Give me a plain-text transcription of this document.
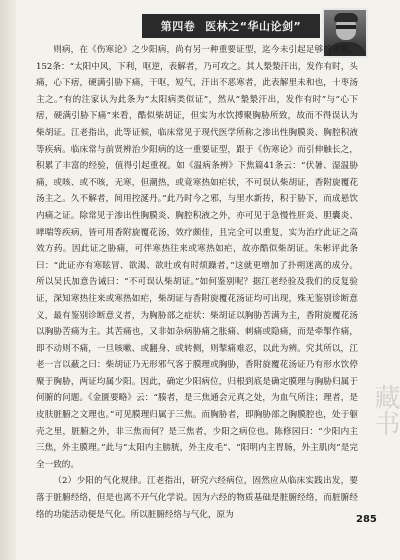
第四卷 医林之“华山论剑”

则病，在《伤寒论》之少阳病，尚有另一种重要证型，迄今未引起足够的重视。152条：“太阳中风，下利，呕逆，表解者，乃可攻之。其人漐漐汗出，发作有时，头痛，心下痞，硬满引胁下痛，干呕，短气，汗出不恶寒者，此表解里未和也，十枣汤主之。”有的注家认为此条为“太阳病类似证”，然从“漐漐汗出，发作有时”与“心下痞，硬满引胁下痛”来看，酷似柴胡证，但实为水饮搏聚胸胁所致，故而不得误认为柴胡证。江老指出，此等证候，临床常见于现代医学所称之渗出性胸膜炎、胸腔积液等疾病。临床常与前贤辨治少阳病的这一重要证型，跟于《伤寒论》而引伸触长之，积累了丰富的经验，值得引起重视。如《温病条辨》下焦篇41条云：“伏暑、湿温胁痛，或咳、或不咳，无寒，但潮热，或竟寒热如疟状，不可误认柴胡证，香附旋覆花汤主之。久不解者，间用控涎丹。”此乃时今之邪，与里水新抟，积于胁下，而成悬饮内痛之证。除常见于渗出性胸膜炎、胸腔积液之外，亦可见于急慢性肝炎、胆囊炎、哮喘等疾病，皆可用香附旋覆花汤，效疗颇佳，且完全可以重复，实为治疗此证之高效方药。因此证之胁痛，可伴寒热往来或寒热如疟，故亦酷似柴胡证。朱彬评此条曰：“此证亦有寒眩冒、欲渴、欲吐或有时烦躁者，”这就更增加了扑朔迷离的成分。所以吴氏加意告诫曰：“不可误认柴胡证。”如何鉴别呢？据江老经验及我们的反复验证，深知寒热往来或寒热如疟，柴胡证与香附旋覆花汤证均可出现，殊无鉴别诊断意义，最有鉴别诊断意义者，为胸胁部之症状：柴胡证以胸胁苦满为主，香附旋覆花汤以胸胁苦痛为主。其苦痛也，又非如杂病胁痛之胀痛、刺痛或隐痛，而是牵掣作痛，即不动则不痛，一旦咳嗽、或翻身、或转侧，则掣痛难忍，以此为辨。究其所以，江老一言以蔽之曰：柴胡证乃无形邪气客于膜理或胸胁，香附旋覆花汤证乃有形水饮停聚于胸胁，两证均属少阳。因此，确定少阳病位，归根到底是确定膜理与胸胁归属于何腑的问题。《金匮要略》云：“腠者，是三焦通会元真之处，为血气所注；理者，是皮肤脏腑之文理也。”可见膜理归属于三焦。而胸胁者，即胸胁部之胸膜腔也，处于躯壳之里，脏腑之外，非三焦而何？是三焦者，少阳之病位也。陈修园曰：“少阳内主三焦，外主膜理。”此与“太阳内主膀胱，外主皮毛”、“阳明内主胃肠，外主肌肉”是完全一致的。

（2）少阳的气化规律。江老指出，研究六经病位，固然应从临床实践出发，要落于脏腑经络，但是也离不开气化学说。因为六经的物质基础是脏腑经络，而脏腑经络的功能活动便是气化。所以脏腑经络与气化，原为

藏书
285
